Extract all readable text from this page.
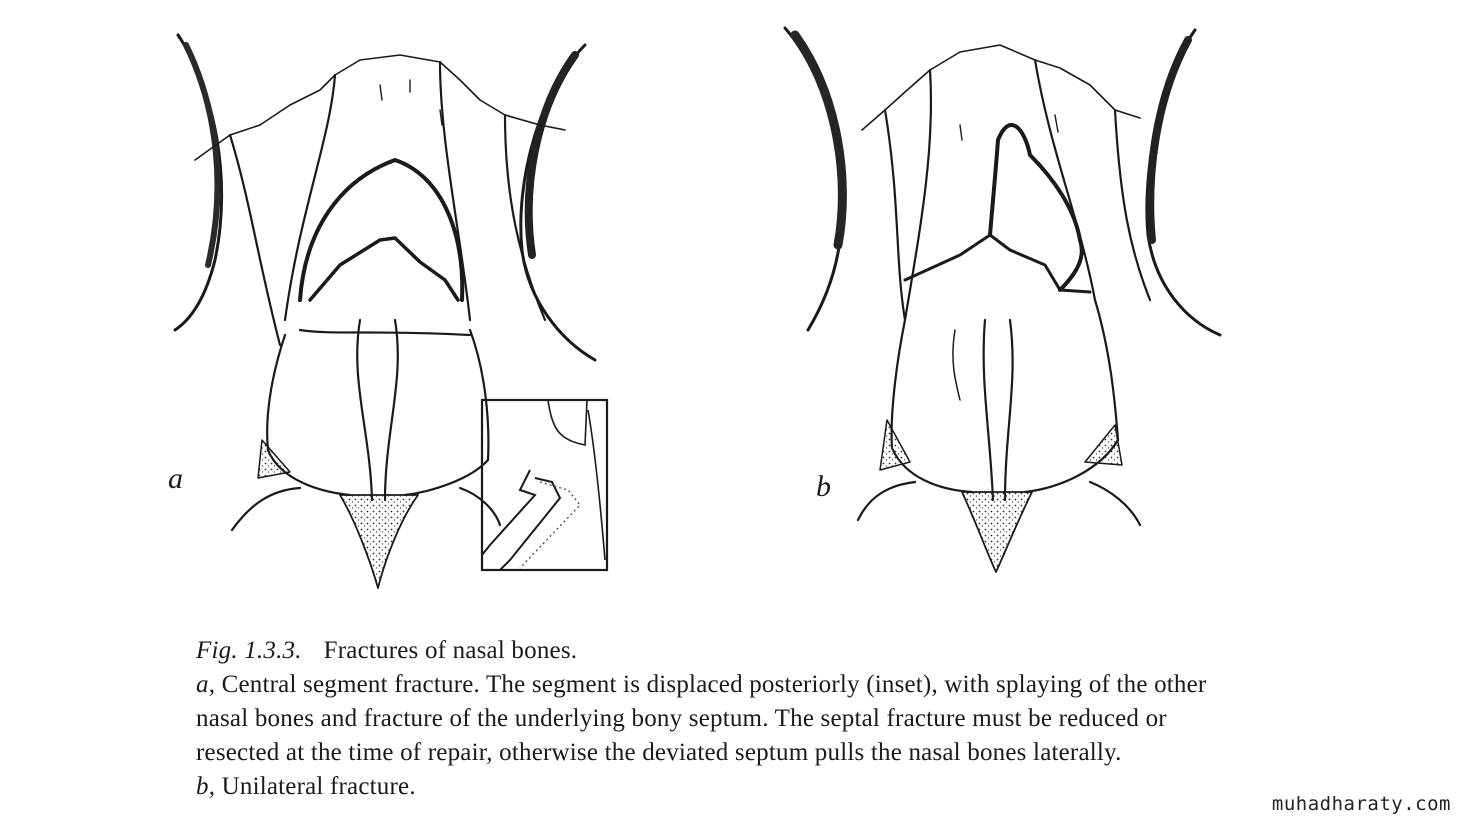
a	b

Fig. 1.3.3. Fractures of nasal bones.

a, Central segment fracture. The segment is displaced posteriorly (inset), with splaying of the other

nasal bones and fracture of the underlying bony septum. The septal fracture must be reduced or

resected at the time of repair, otherwise the deviated septum pulls the nasal bones laterally.

b, Unilateral fracture.

muhadharaty.com
